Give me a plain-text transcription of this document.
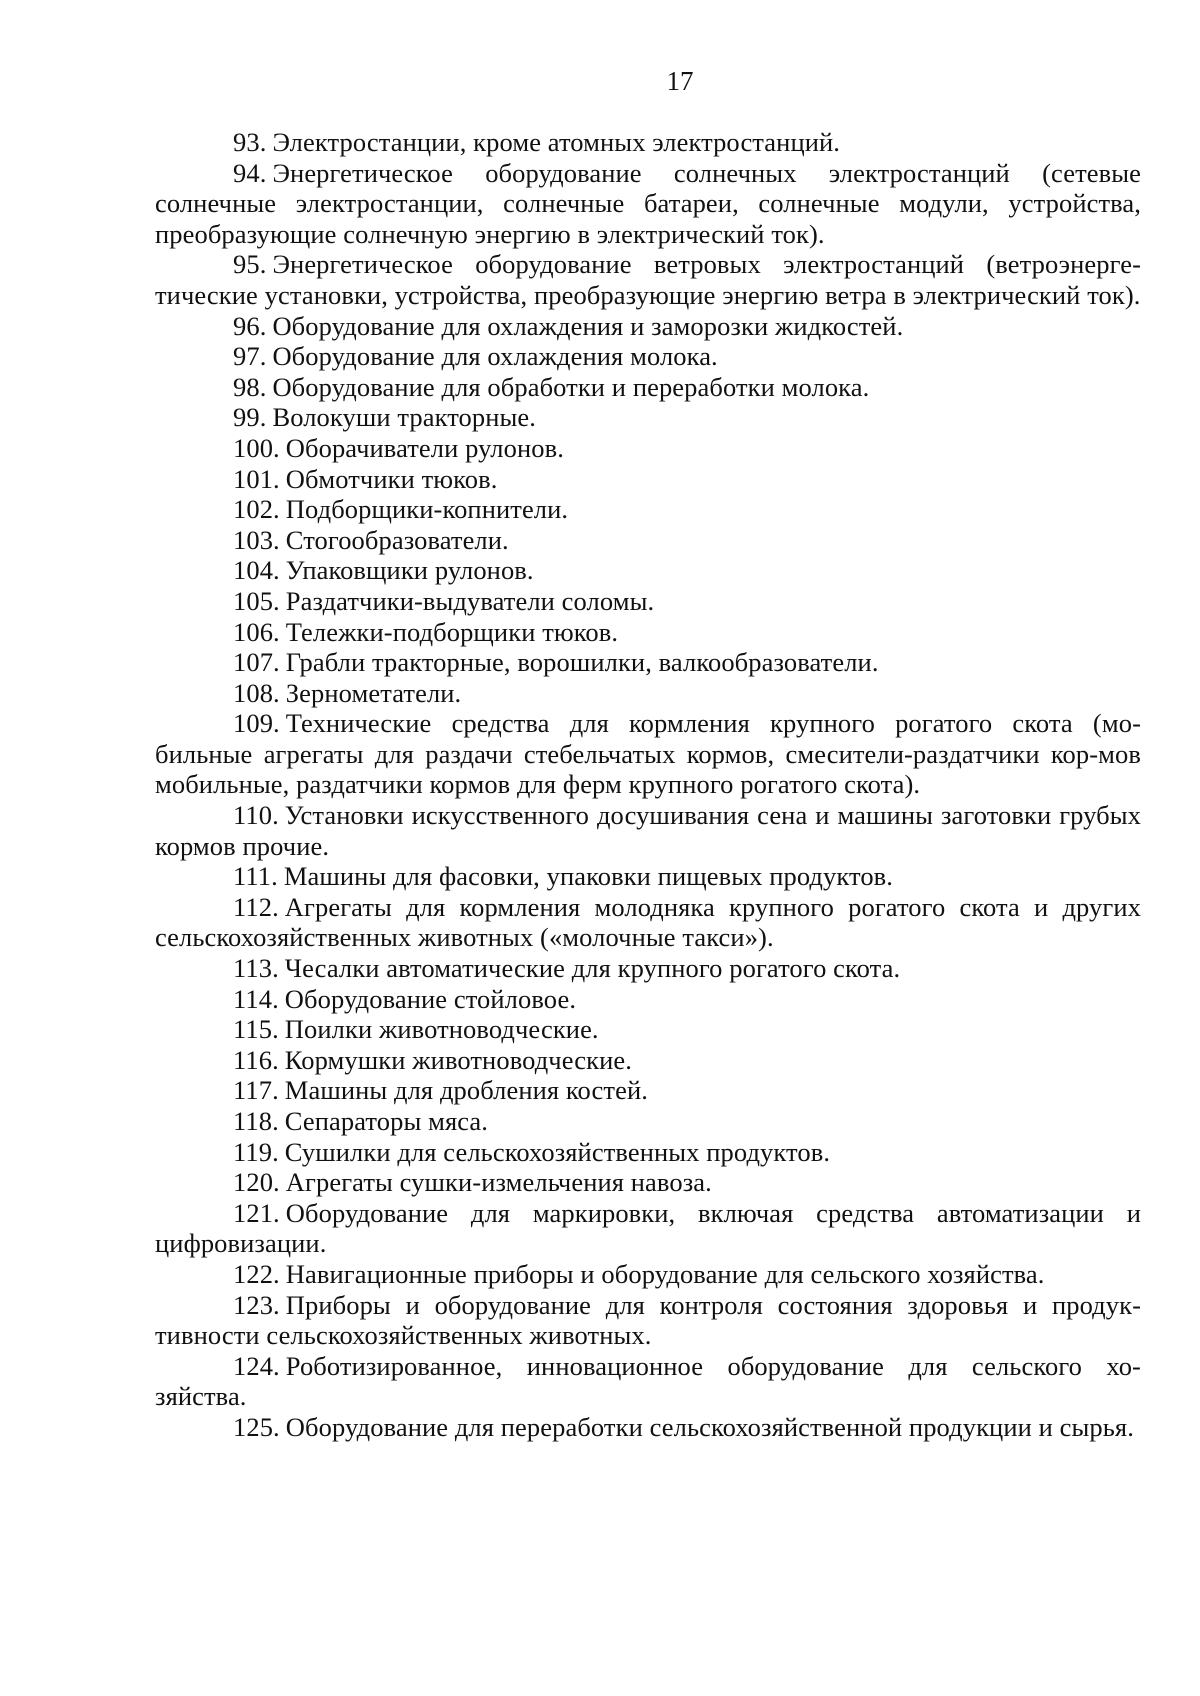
17

93. Электростанции, кроме атомных электростанций.

94. Энергетическое оборудование солнечных электростанций (сетевые солнечные электростанции, солнечные батареи, солнечные модули, устройства, преобразующие солнечную энергию в электрический ток).

95. Энергетическое оборудование ветровых электростанций (ветроэнерге-тические установки, устройства, преобразующие энергию ветра в электрический ток).

96. Оборудование для охлаждения и заморозки жидкостей.

97. Оборудование для охлаждения молока.

98. Оборудование для обработки и переработки молока.

99. Волокуши тракторные.

100. Оборачиватели рулонов.

101. Обмотчики тюков.

102. Подборщики-копнители.

103. Стогообразователи.

104. Упаковщики рулонов.

105. Раздатчики-выдуватели соломы.

106. Тележки-подборщики тюков.

107. Грабли тракторные, ворошилки, валкообразователи.

108. Зернометатели.

109. Технические средства для кормления крупного рогатого скота (мо-бильные агрегаты для раздачи стебельчатых кормов, смесители-раздатчики кор-мов мобильные, раздатчики кормов для ферм крупного рогатого скота).

110. Установки искусственного досушивания сена и машины заготовки грубых кормов прочие.

111. Машины для фасовки, упаковки пищевых продуктов.

112. Агрегаты для кормления молодняка крупного рогатого скота и других сельскохозяйственных животных («молочные такси»).

113. Чесалки автоматические для крупного рогатого скота.

114. Оборудование стойловое.

115. Поилки животноводческие.

116. Кормушки животноводческие.

117. Машины для дробления костей.

118. Сепараторы мяса.

119. Сушилки для сельскохозяйственных продуктов.

120. Агрегаты сушки-измельчения навоза.

121. Оборудование для маркировки, включая средства автоматизации и цифровизации.

122. Навигационные приборы и оборудование для сельского хозяйства.

123. Приборы и оборудование для контроля состояния здоровья и продук-тивности сельскохозяйственных животных.

124. Роботизированное, инновационное оборудование для сельского хо-зяйства.

125. Оборудование для переработки сельскохозяйственной продукции и сырья.
